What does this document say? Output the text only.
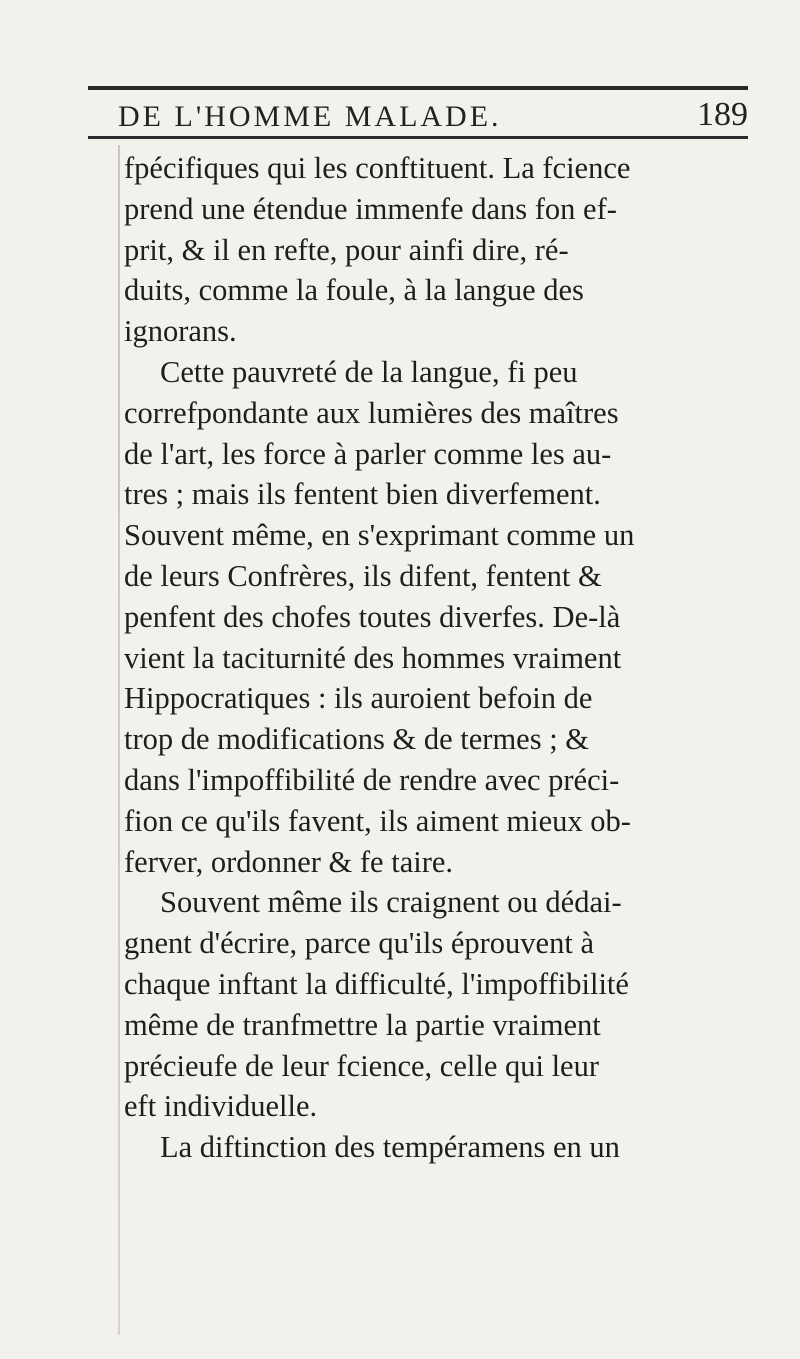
DE L'HOMME MALADE.	189
fpécifiques qui les conftituent. La fcience
prend une étendue immenfe dans fon ef-
prit, & il en refte, pour ainfi dire, ré-
duits, comme la foule, à la langue des
ignorans.
Cette pauvreté de la langue, fi peu
correfpondante aux lumières des maîtres
de l'art, les force à parler comme les au-
tres ; mais ils fentent bien diverfement.
Souvent même, en s'exprimant comme un
de leurs Confrères, ils difent, fentent &
penfent des chofes toutes diverfes. De-là
vient la taciturnité des hommes vraiment
Hippocratiques : ils auroient befoin de
trop de modifications & de termes ; &
dans l'impoffibilité de rendre avec préci-
fion ce qu'ils favent, ils aiment mieux ob-
ferver, ordonner & fe taire.
Souvent même ils craignent ou dédai-
gnent d'écrire, parce qu'ils éprouvent à
chaque inftant la difficulté, l'impoffibilité
même de tranfmettre la partie vraiment
précieufe de leur fcience, celle qui leur
eft individuelle.
La diftinction des tempéramens en un
